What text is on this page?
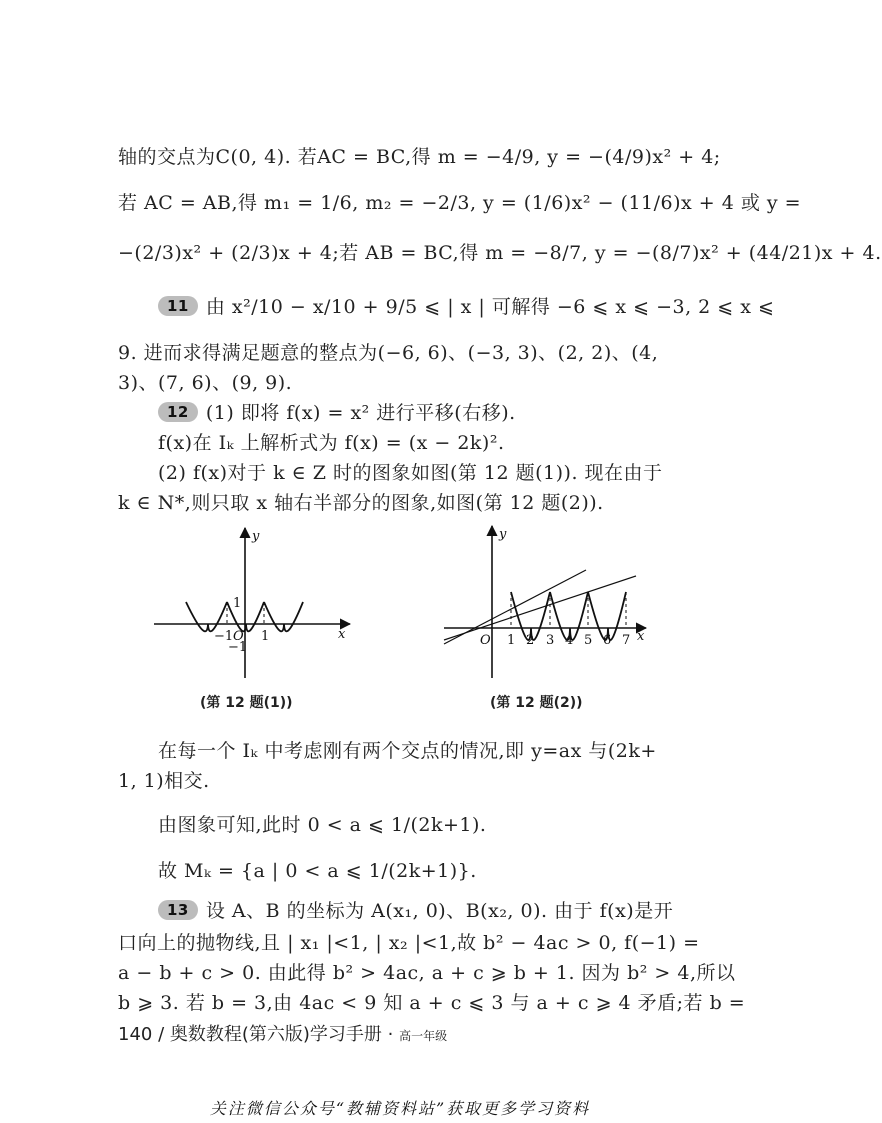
轴的交点为C(0, 4). 若AC = BC,得 m = −4/9, y = −(4/9)x² + 4;
若 AC = AB,得 m₁ = 1/6, m₂ = −2/3, y = (1/6)x² − (11/6)x + 4 或 y =
−(2/3)x² + (2/3)x + 4;若 AB = BC,得 m = −8/7, y = −(8/7)x² + (44/21)x + 4.
11 由 x²/10 − x/10 + 9/5 ⩽ | x | 可解得 −6 ⩽ x ⩽ −3, 2 ⩽ x ⩽
9. 进而求得满足题意的整点为(−6, 6)、(−3, 3)、(2, 2)、(4,
3)、(7, 6)、(9, 9).
12 (1) 即将 f(x) = x² 进行平移(右移).
f(x)在 Iₖ 上解析式为 f(x) = (x − 2k)².
(2) f(x)对于 k ∈ Z 时的图象如图(第 12 题(1)). 现在由于
k ∈ N*,则只取 x 轴右半部分的图象,如图(第 12 题(2)).
y
x
−1 O 1
1
−1
y
x
O 1 2 3 4 5 6 7
(第 12 题(1))	(第 12 题(2))
在每一个 Iₖ 中考虑刚有两个交点的情况,即 y=ax 与(2k+
1, 1)相交.
由图象可知,此时 0 < a ⩽ 1/(2k+1).
故 Mₖ = {a | 0 < a ⩽ 1/(2k+1)}.
13 设 A、B 的坐标为 A(x₁, 0)、B(x₂, 0). 由于 f(x)是开
口向上的抛物线,且 | x₁ |<1, | x₂ |<1,故 b² − 4ac > 0, f(−1) =
a − b + c > 0. 由此得 b² > 4ac, a + c ⩾ b + 1. 因为 b² > 4,所以
b ⩾ 3. 若 b = 3,由 4ac < 9 知 a + c ⩽ 3 与 a + c ⩾ 4 矛盾;若 b =
140 / 奥数教程(第六版)学习手册 · 高一年级
关注微信公众号“教辅资料站”获取更多学习资料
